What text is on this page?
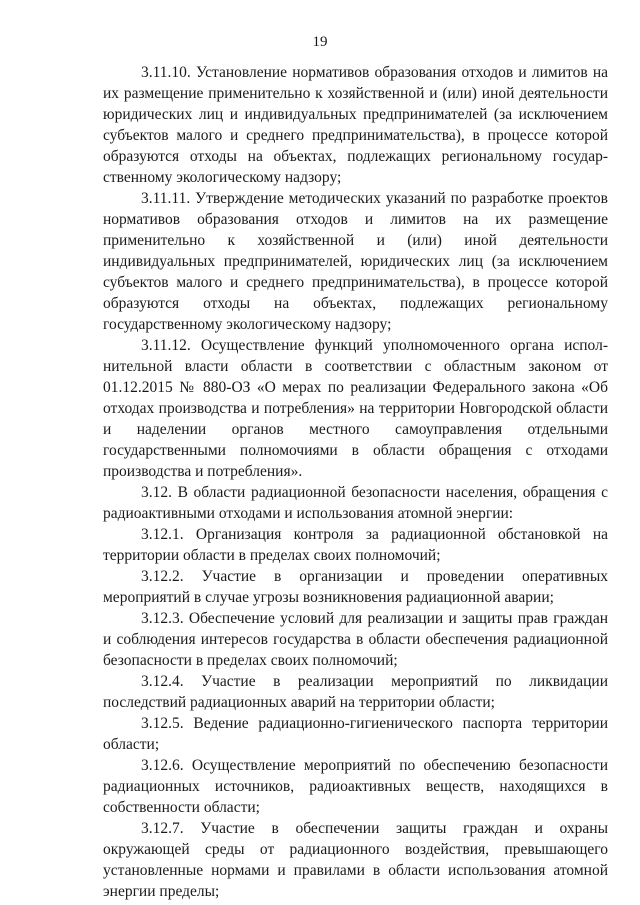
19

3.11.10. Установление нормативов образования отходов и лимитов на их размещение применительно к хозяйственной и (или) иной деятельности юридических лиц и индивидуальных предпринимателей (за исключением субъектов малого и среднего предпринимательства), в процессе которой образуются отходы на объектах, подлежащих региональному государственному экологическому надзору;

3.11.11. Утверждение методических указаний по разработке проектов нормативов образования отходов и лимитов на их размещение применительно к хозяйственной и (или) иной деятельности индивидуальных предпринимателей, юридических лиц (за исключением субъектов малого и среднего предпринимательства), в процессе которой образуются отходы на объектах, подлежащих региональному государственному экологическому надзору;

3.11.12. Осуществление функций уполномоченного органа исполнительной власти области в соответствии с областным законом от 01.12.2015 № 880-ОЗ «О мерах по реализации Федерального закона «Об отходах производства и потребления» на территории Новгородской области и наделении органов местного самоуправления отдельными государственными полномочиями в области обращения с отходами производства и потребления».

3.12. В области радиационной безопасности населения, обращения с радиоактивными отходами и использования атомной энергии:

3.12.1. Организация контроля за радиационной обстановкой на территории области в пределах своих полномочий;

3.12.2. Участие в организации и проведении оперативных мероприятий в случае угрозы возникновения радиационной аварии;

3.12.3. Обеспечение условий для реализации и защиты прав граждан и соблюдения интересов государства в области обеспечения радиационной безопасности в пределах своих полномочий;

3.12.4. Участие в реализации мероприятий по ликвидации последствий радиационных аварий на территории области;

3.12.5. Ведение радиационно-гигиенического паспорта территории области;

3.12.6. Осуществление мероприятий по обеспечению безопасности радиационных источников, радиоактивных веществ, находящихся в собственности области;

3.12.7. Участие в обеспечении защиты граждан и охраны окружающей среды от радиационного воздействия, превышающего установленные нормами и правилами в области использования атомной энергии пределы;
